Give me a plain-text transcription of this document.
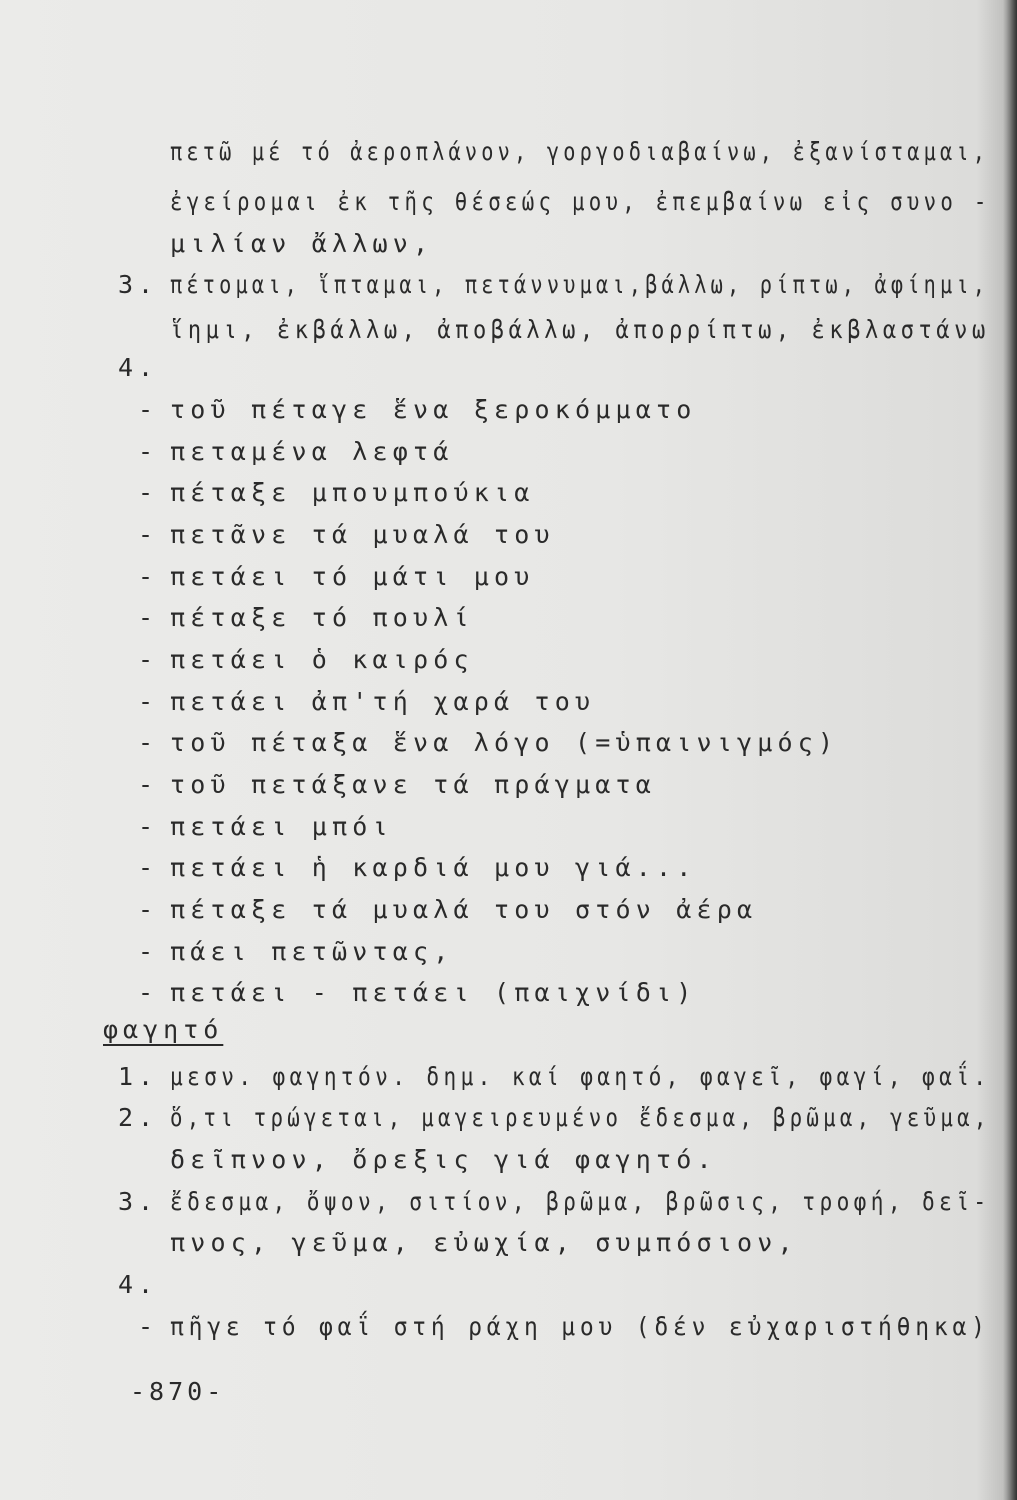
πετῶ μέ τό ἀεροπλάνον, γοργοδιαβαίνω, ἐξανίσταμαι,
ἐγείρομαι ἐκ τῆς θέσεώς μου, ἐπεμβαίνω εἰς συνο -
μιλίαν ἄλλων,
3. πέτομαι, ἵπταμαι, πετάννυμαι,βάλλω, ρίπτω, ἀφίημι,
ἵημι, ἐκβάλλω, ἀποβάλλω, ἀπορρίπτω, ἐκβλαστάνω
4.
- τοῦ πέταγε ἕνα ξεροκόμματο
- πεταμένα λεφτά
- πέταξε μπουμπούκια
- πετᾶνε τά μυαλά του
- πετάει τό μάτι μου
- πέταξε τό πουλί
- πετάει ὁ καιρός
- πετάει ἀπ'τή χαρά του
- τοῦ πέταξα ἕνα λόγο (=ὑπαινιγμός)
- τοῦ πετάξανε τά πράγματα
- πετάει μπόι
- πετάει ἡ καρδιά μου γιά...
- πέταξε τά μυαλά του στόν ἀέρα
- πάει πετῶντας,
- πετάει - πετάει (παιχνίδι)
φαγητό
1. μεσν. φαγητόν. δημ. καί φαητό, φαγεῖ, φαγί, φαΐ.
2. ὅ,τι τρώγεται, μαγειρευμένο ἔδεσμα, βρῶμα, γεῦμα,
δεῖπνον, ὄρεξις γιά φαγητό.
3. ἔδεσμα, ὄψον, σιτίον, βρῶμα, βρῶσις, τροφή, δεῖ-
πνος, γεῦμα, εὐωχία, συμπόσιον,
4.
- πῆγε τό φαΐ στή ράχη μου (δέν εὐχαριστήθηκα)
-870-
